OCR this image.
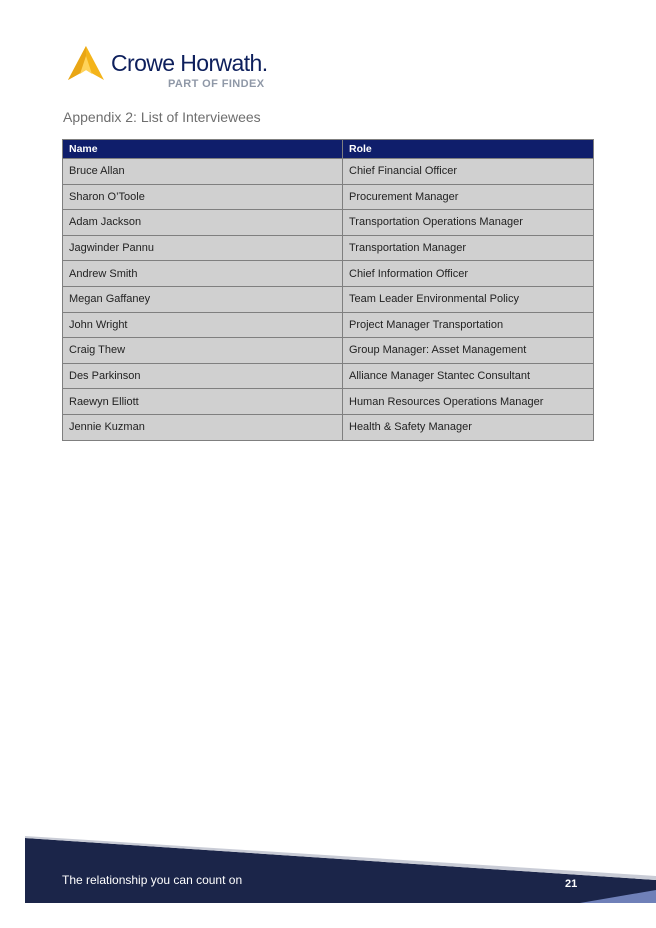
Crowe Horwath.
PART OF FINDEX
Appendix 2: List of Interviewees
Name	Role
Bruce Allan	Chief Financial Officer
Sharon O’Toole	Procurement Manager
Adam Jackson	Transportation Operations Manager
Jagwinder Pannu	Transportation Manager
Andrew Smith	Chief Information Officer
Megan Gaffaney	Team Leader Environmental Policy
John Wright	Project Manager Transportation
Craig Thew	Group Manager: Asset Management
Des Parkinson	Alliance Manager Stantec Consultant
Raewyn Elliott	Human Resources Operations Manager
Jennie Kuzman	Health & Safety Manager
The relationship you can count on	21
